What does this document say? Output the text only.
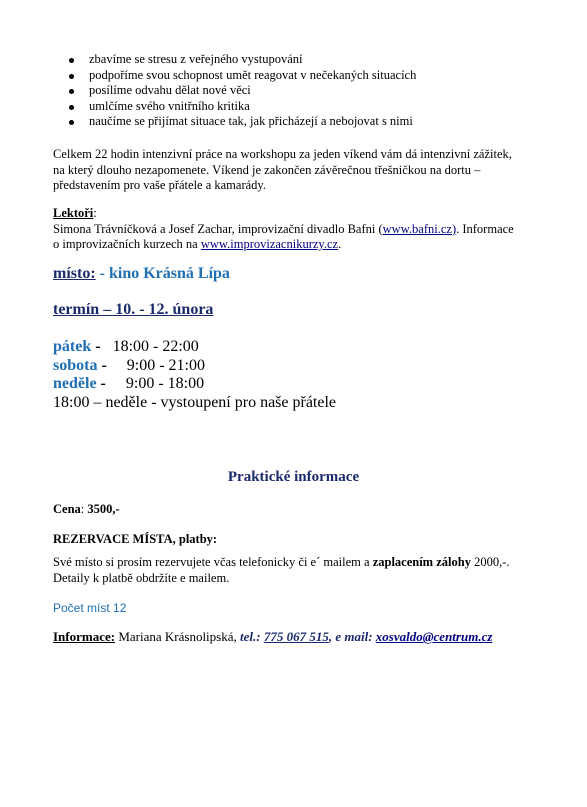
zbavíme se stresu z veřejného vystupování
podpoříme svou schopnost umět reagovat v nečekaných situacích
posílíme odvahu dělat nové věci
umlčíme svého vnitřního kritika
naučíme se přijímat situace tak, jak přicházejí a nebojovat s nimi
Celkem 22 hodin intenzivní práce na workshopu za jeden víkend vám dá intenzivní zážitek,
na který dlouho nezapomenete. Víkend je zakončen závěrečnou třešničkou na dortu –
představením pro vaše přátele a kamarády.
Lektoři:
Simona Trávníčková a Josef Zachar, improvizační divadlo Bafni (www.bafni.cz). Informace
o improvizačních kurzech na www.improvizacnikurzy.cz.
místo: - kino Krásná Lípa
termín – 10. - 12. února
pátek -   18:00 - 22:00
sobota -     9:00 - 21:00
neděle -     9:00 - 18:00
18:00 – neděle - vystoupení pro naše přátele
Praktické informace
Cena: 3500,-
REZERVACE MÍSTA, platby:
Své místo si prosím rezervujete včas telefonicky či e´ mailem a zaplacením zálohy 2000,-.
Detaily k platbě obdržíte e mailem.
Počet míst 12
Informace: Mariana Krásnolipská, tel.: 775 067 515, e mail: xosvaldo@centrum.cz
